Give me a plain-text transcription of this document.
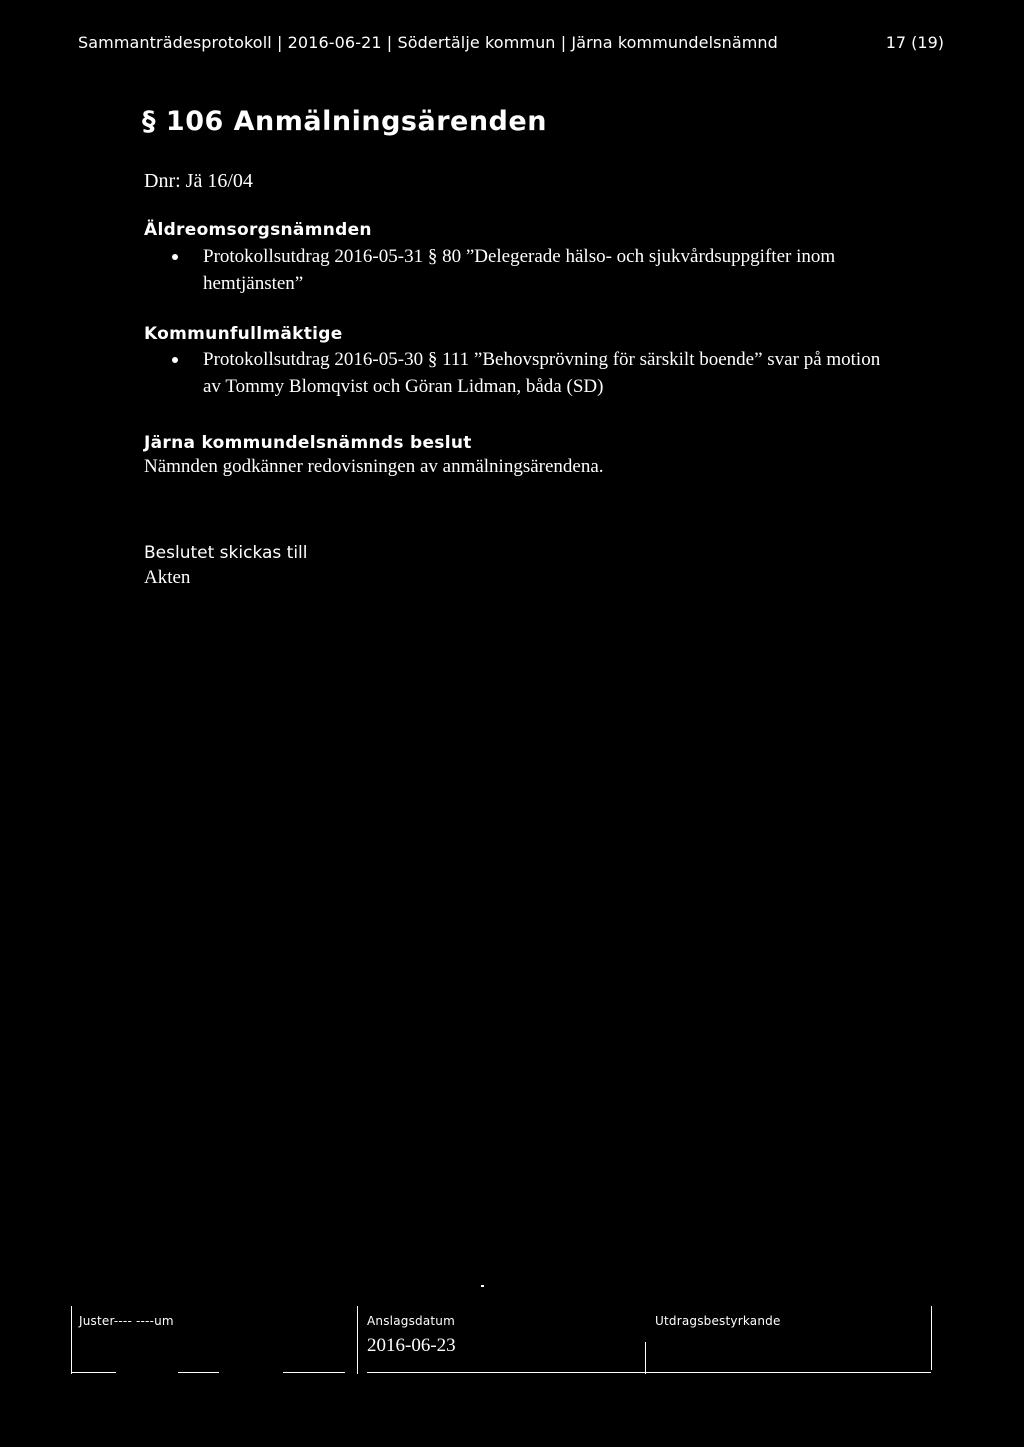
Sammanträdesprotokoll | 2016-06-21 | Södertälje kommun | Järna kommundelsnämnd	17 (19)
§ 106 Anmälningsärenden
Dnr: Jä 16/04
Äldreomsorgsnämnden
Protokollsutdrag 2016-05-31 § 80 ”Delegerade hälso- och sjukvårdsuppgifter inom hemtjänsten”
Kommunfullmäktige
Protokollsutdrag 2016-05-30 § 111 ”Behovsprövning för särskilt boende” svar på motion av Tommy Blomqvist och Göran Lidman, båda (SD)
Järna kommundelsnämnds beslut
Nämnden godkänner redovisningen av anmälningsärendena.
Beslutet skickas till
Akten
Juster---- ----um	Anslagsdatum
2016-06-23
Utdragsbestyrkande
